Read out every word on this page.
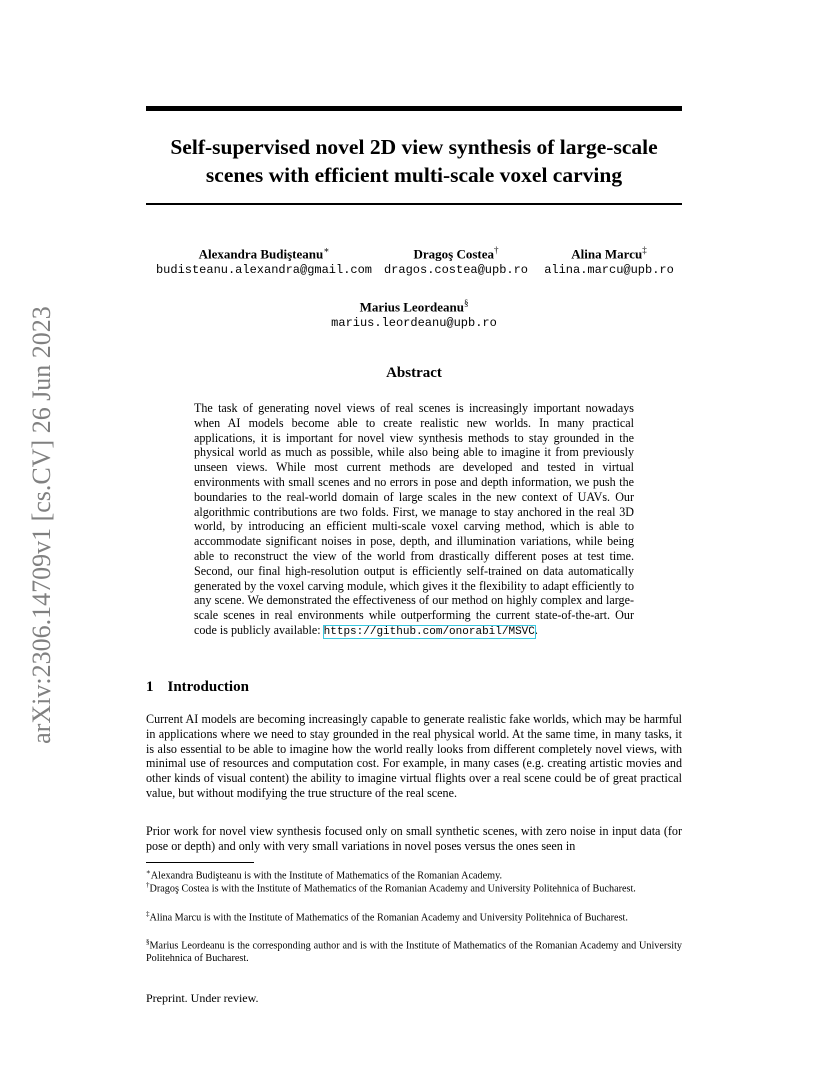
arXiv:2306.14709v1 [cs.CV] 26 Jun 2023
Self-supervised novel 2D view synthesis of large-scale
scenes with efficient multi-scale voxel carving
Alexandra Budişteanu∗
budisteanu.alexandra@gmail.com
Dragoş Costea†
dragos.costea@upb.ro
Alina Marcu‡
alina.marcu@upb.ro
Marius Leordeanu§
marius.leordeanu@upb.ro
Abstract
The task of generating novel views of real scenes is increasingly important nowadays when AI models become able to create realistic new worlds. In many practical applications, it is important for novel view synthesis methods to stay grounded in the physical world as much as possible, while also being able to imagine it from previously unseen views. While most current methods are developed and tested in virtual environments with small scenes and no errors in pose and depth information, we push the boundaries to the real-world domain of large scales in the new context of UAVs. Our algorithmic contributions are two folds. First, we manage to stay anchored in the real 3D world, by introducing an efficient multi-scale voxel carving method, which is able to accommodate significant noises in pose, depth, and illumination variations, while being able to reconstruct the view of the world from drastically different poses at test time. Second, our final high-resolution output is efficiently self-trained on data automatically generated by the voxel carving module, which gives it the flexibility to adapt efficiently to any scene. We demonstrated the effectiveness of our method on highly complex and large-scale scenes in real environments while outperforming the current state-of-the-art. Our code is publicly available: https://github.com/onorabil/MSVC.
1 Introduction
Current AI models are becoming increasingly capable to generate realistic fake worlds, which may be harmful in applications where we need to stay grounded in the real physical world. At the same time, in many tasks, it is also essential to be able to imagine how the world really looks from different completely novel views, with minimal use of resources and computation cost. For example, in many cases (e.g. creating artistic movies and other kinds of visual content) the ability to imagine virtual flights over a real scene could be of great practical value, but without modifying the true structure of the real scene.
Prior work for novel view synthesis focused only on small synthetic scenes, with zero noise in input data (for pose or depth) and only with very small variations in novel poses versus the ones seen in
∗Alexandra Budişteanu is with the Institute of Mathematics of the Romanian Academy.
†Dragoş Costea is with the Institute of Mathematics of the Romanian Academy and University Politehnica of Bucharest.
‡Alina Marcu is with the Institute of Mathematics of the Romanian Academy and University Politehnica of Bucharest.
§Marius Leordeanu is the corresponding author and is with the Institute of Mathematics of the Romanian Academy and University Politehnica of Bucharest.
Preprint. Under review.
